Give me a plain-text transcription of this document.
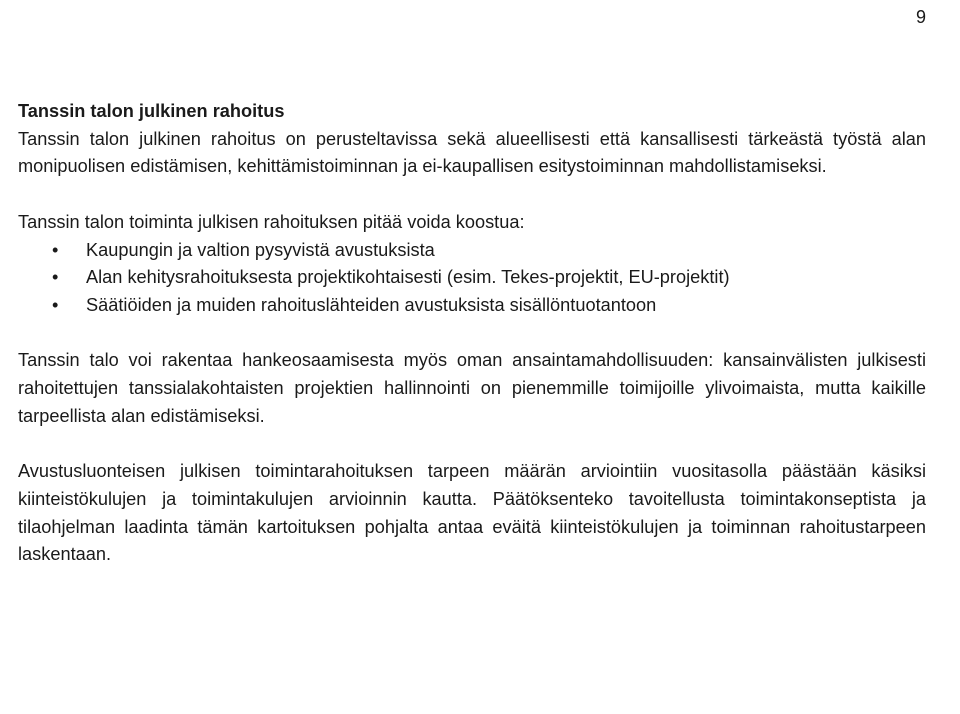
9
Tanssin talon julkinen rahoitus

Tanssin talon julkinen rahoitus on perusteltavissa sekä alueellisesti että kansallisesti tärkeästä työstä alan monipuolisen edistämisen, kehittämistoiminnan ja ei-kaupallisen esitystoiminnan mahdollistamiseksi.

Tanssin talon toiminta julkisen rahoituksen pitää voida koostua:

• Kaupungin ja valtion pysyvistä avustuksista
• Alan kehitysrahoituksesta projektikohtaisesti (esim. Tekes-projektit, EU-projektit)
• Säätiöiden ja muiden rahoituslähteiden avustuksista sisällöntuotantoon

Tanssin talo voi rakentaa hankeosaamisesta myös oman ansaintamahdollisuuden: kansainvälisten julkisesti rahoitettujen tanssialakohtaisten projektien hallinnointi on pienemmille toimijoille ylivoimaista, mutta kaikille tarpeellista alan edistämiseksi.

Avustusluonteisen julkisen toimintarahoituksen tarpeen määrän arviointiin vuositasolla päästään käsiksi kiinteistökulujen ja toimintakulujen arvioinnin kautta. Päätöksenteko tavoitellusta toimintakonseptista ja tilaohjelman laadinta tämän kartoituksen pohjalta antaa eväitä kiinteistökulujen ja toiminnan rahoitustarpeen laskentaan.
